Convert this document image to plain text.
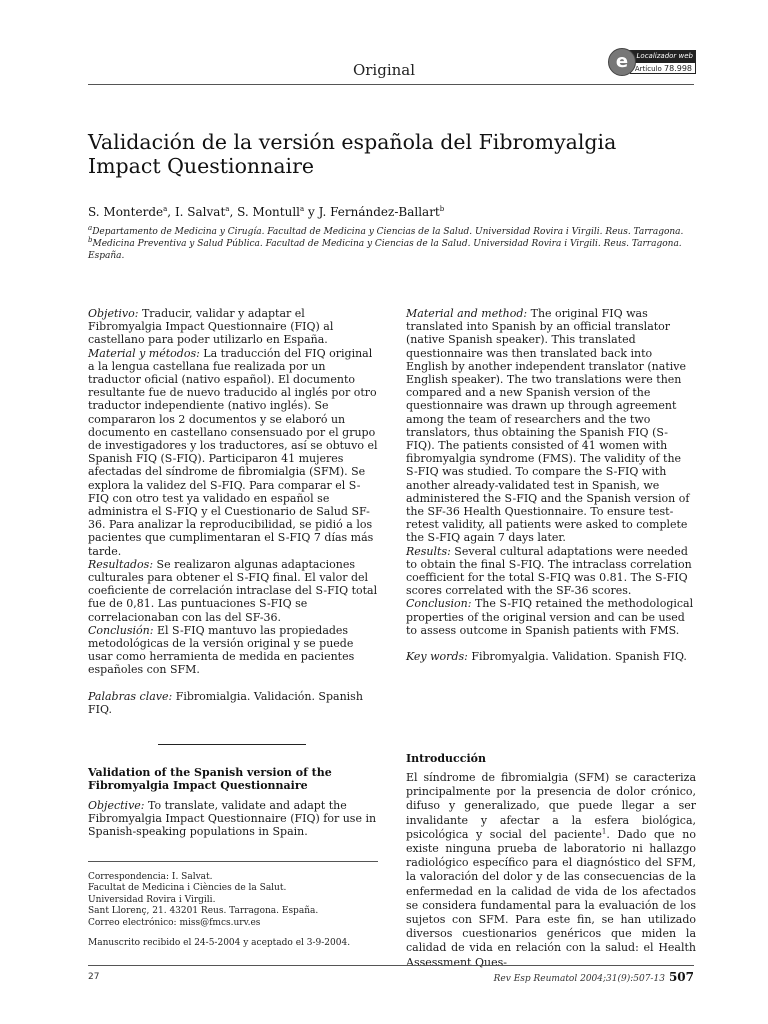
Original
Localizador web
Artículo 78.998
e
Validación de la versión española del Fibromyalgia Impact Questionnaire
S. Monterde$^a$, I. Salvat$^a$, S. Montull$^a$ y J. Fernández-Ballart$^b$
$^a$Departamento de Medicina y Cirugía. Facultad de Medicina y Ciencias de la Salud. Universidad Rovira i Virgili. Reus. Tarragona. $^b$Medicina Preventiva y Salud Pública. Facultad de Medicina y Ciencias de la Salud. Universidad Rovira i Virgili. Reus. Tarragona. España.

Objetivo: Traducir, validar y adaptar el Fibromyalgia Impact Questionnaire (FIQ) al castellano para poder utilizarlo en España.

Material y métodos: La traducción del FIQ original a la lengua castellana fue realizada por un traductor oficial (nativo español). El documento resultante fue de nuevo traducido al inglés por otro traductor independiente (nativo inglés). Se compararon los 2 documentos y se elaboró un documento en castellano consensuado por el grupo de investigadores y los traductores, así se obtuvo el Spanish FIQ (S-FIQ). Participaron 41 mujeres afectadas del síndrome de fibromialgia (SFM). Se explora la validez del S-FIQ. Para comparar el S-FIQ con otro test ya validado en español se administra el S-FIQ y el Cuestionario de Salud SF-36. Para analizar la reproducibilidad, se pidió a los pacientes que cumplimentaran el S-FIQ 7 días más tarde.

Resultados: Se realizaron algunas adaptaciones culturales para obtener el S-FIQ final. El valor del coeficiente de correlación intraclase del S-FIQ total fue de 0,81. Las puntuaciones S-FIQ se correlacionaban con las del SF-36.

Conclusión: El S-FIQ mantuvo las propiedades metodológicas de la versión original y se puede usar como herramienta de medida en pacientes españoles con SFM.

Palabras clave: Fibromialgia. Validación. Spanish FIQ.

Material and method: The original FIQ was translated into Spanish by an official translator (native Spanish speaker). This translated questionnaire was then translated back into English by another independent translator (native English speaker). The two translations were then compared and a new Spanish version of the questionnaire was drawn up through agreement among the team of researchers and the two translators, thus obtaining the Spanish FIQ (S-FIQ). The patients consisted of 41 women with fibromyalgia syndrome (FMS). The validity of the S-FIQ was studied. To compare the S-FIQ with another already-validated test in Spanish, we administered the S-FIQ and the Spanish version of the SF-36 Health Questionnaire. To ensure test-retest validity, all patients were asked to complete the S-FIQ again 7 days later.

Results: Several cultural adaptations were needed to obtain the final S-FIQ. The intraclass correlation coefficient for the total S-FIQ was 0.81. The S-FIQ scores correlated with the SF-36 scores.

Conclusion: The S-FIQ retained the methodological properties of the original version and can be used to assess outcome in Spanish patients with FMS.

Key words: Fibromyalgia. Validation. Spanish FIQ.

Validation of the Spanish version of the Fibromyalgia Impact Questionnaire
Objective: To translate, validate and adapt the Fibromyalgia Impact Questionnaire (FIQ) for use in Spanish-speaking populations in Spain.
Correspondencia: I. Salvat.
Facultat de Medicina i Ciències de la Salut.
Universidad Rovira i Virgili.
Sant Llorenç, 21. 43201 Reus. Tarragona. España.
Correo electrónico: miss@fmcs.urv.es
Manuscrito recibido el 24-5-2004 y aceptado el 3-9-2004.
Introducción
El síndrome de fibromialgia (SFM) se caracteriza principalmente por la presencia de dolor crónico, difuso y generalizado, que puede llegar a ser invalidante y afectar a la esfera biológica, psicológica y social del paciente$^1$. Dado que no existe ninguna prueba de laboratorio ni hallazgo radiológico específico para el diagnóstico del SFM, la valoración del dolor y de las consecuencias de la enfermedad en la calidad de vida de los afectados se considera fundamental para la evaluación de los sujetos con SFM. Para este fin, se han utilizado diversos cuestionarios genéricos que miden la calidad de vida en relación con la salud: el Health Assessment Ques-
27	Rev Esp Reumatol 2004;31(9):507-13 507
